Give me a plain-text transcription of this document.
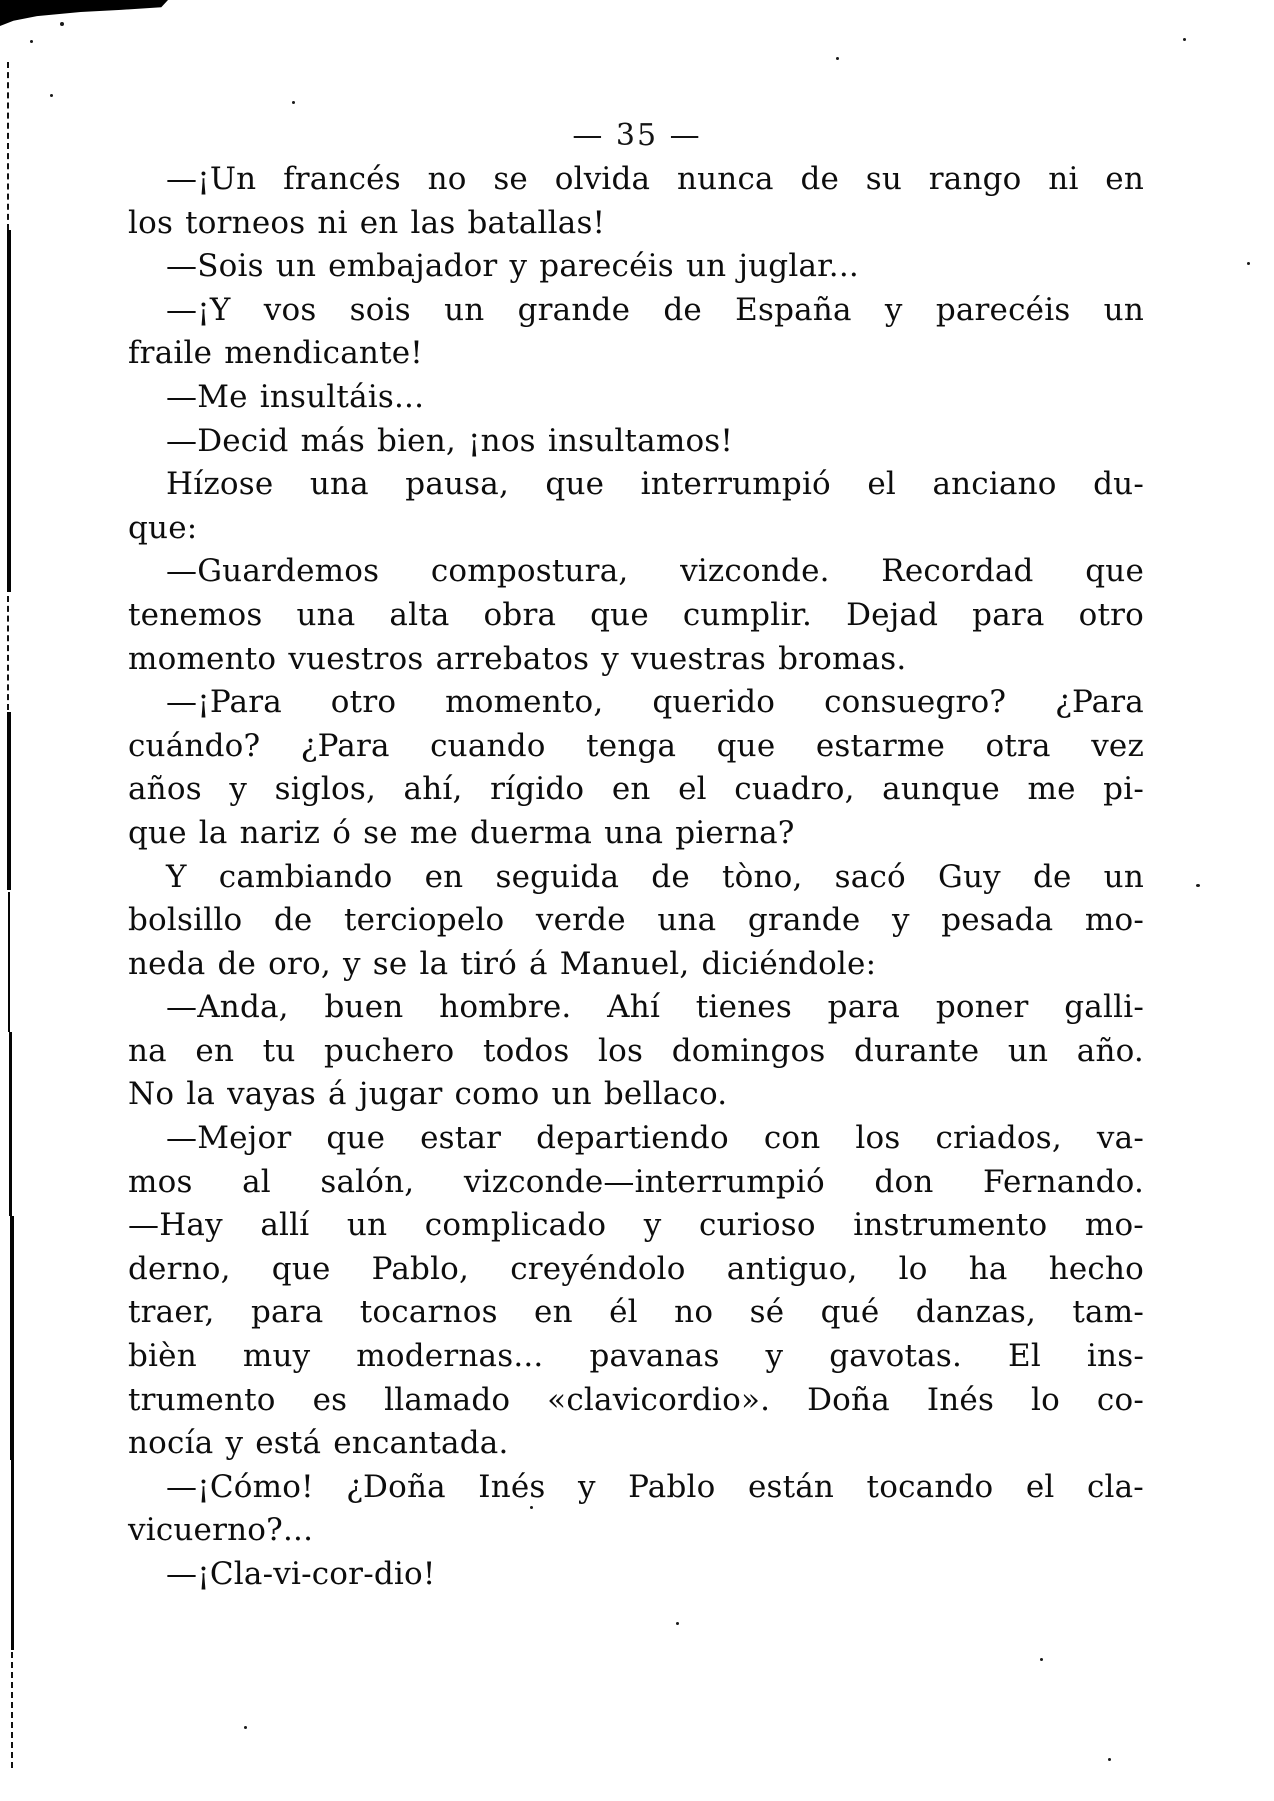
— 35 —
—¡Un francés no se olvida nunca de su rango ni en
los torneos ni en las batallas!
—Sois un embajador y parecéis un juglar...
—¡Y vos sois un grande de España y parecéis un
fraile mendicante!
—Me insultáis...
—Decid más bien, ¡nos insultamos!
Hízose una pausa, que interrumpió el anciano du-
que:
—Guardemos compostura, vizconde. Recordad que
tenemos una alta obra que cumplir. Dejad para otro
momento vuestros arrebatos y vuestras bromas.
—¡Para otro momento, querido consuegro? ¿Para
cuándo? ¿Para cuando tenga que estarme otra vez
años y siglos, ahí, rígido en el cuadro, aunque me pi-
que la nariz ó se me duerma una pierna?
Y cambiando en seguida de tòno, sacó Guy de un
bolsillo de terciopelo verde una grande y pesada mo-
neda de oro, y se la tiró á Manuel, diciéndole:
—Anda, buen hombre. Ahí tienes para poner galli-
na en tu puchero todos los domingos durante un año.
No la vayas á jugar como un bellaco.
—Mejor que estar departiendo con los criados, va-
mos al salón, vizconde—interrumpió don Fernando.
—Hay allí un complicado y curioso instrumento mo-
derno, que Pablo, creyéndolo antiguo, lo ha hecho
traer, para tocarnos en él no sé qué danzas, tam-
bièn muy modernas... pavanas y gavotas. El ins-
trumento es llamado «clavicordio». Doña Inés lo co-
nocía y está encantada.
—¡Cómo! ¿Doña Inés y Pablo están tocando el cla-
vicuerno?...
—¡Cla-vi-cor-dio!
